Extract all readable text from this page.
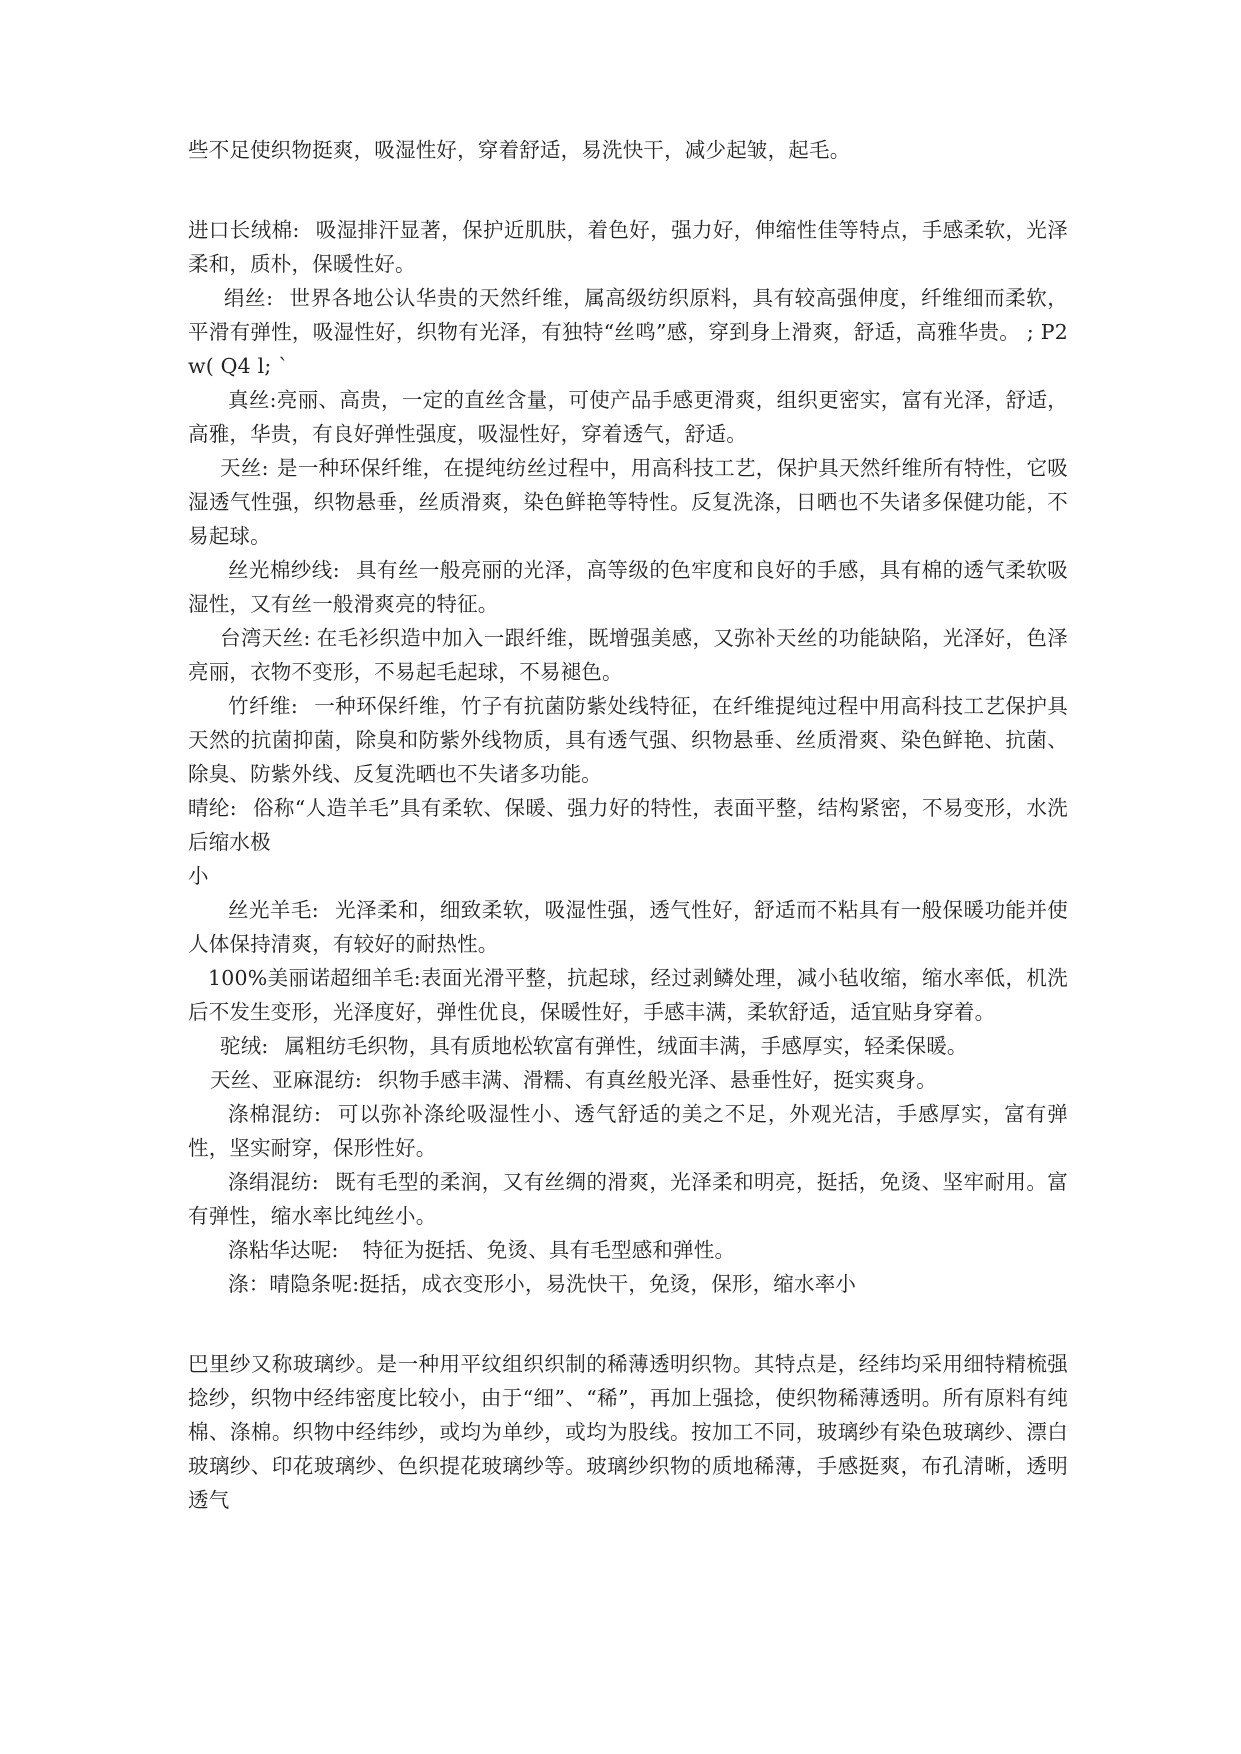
些不足使织物挺爽，吸湿性好，穿着舒适，易洗快干，减少起皱，起毛。

进口长绒棉: 吸湿排汗显著，保护近肌肤，着色好，强力好，伸缩性佳等特点，手感柔软，光泽柔和，质朴，保暖性好。

绢丝: 世界各地公认华贵的天然纤维，属高级纺织原料，具有较高强伸度，纤维细而柔软，平滑有弹性，吸湿性好，织物有光泽，有独特“丝鸣”感，穿到身上滑爽，舒适，高雅华贵。 ; P2 w( Q4 l; `

真丝:亮丽、高贵，一定的直丝含量，可使产品手感更滑爽，组织更密实，富有光泽，舒适，高雅，华贵，有良好弹性强度，吸湿性好，穿着透气，舒适。

天丝: 是一种环保纤维，在提纯纺丝过程中，用高科技工艺，保护具天然纤维所有特性，它吸湿透气性强，织物悬垂，丝质滑爽，染色鲜艳等特性。反复洗涤，日晒也不失诸多保健功能，不易起球。

丝光棉纱线: 具有丝一般亮丽的光泽，高等级的色牢度和良好的手感，具有棉的透气柔软吸湿性，又有丝一般滑爽亮的特征。

台湾天丝: 在毛衫织造中加入一跟纤维，既增强美感，又弥补天丝的功能缺陷，光泽好，色泽亮丽，衣物不变形，不易起毛起球，不易褪色。

竹纤维: 一种环保纤维，竹子有抗菌防紫处线特征，在纤维提纯过程中用高科技工艺保护具天然的抗菌抑菌，除臭和防紫外线物质，具有透气强、织物悬垂、丝质滑爽、染色鲜艳、抗菌、除臭、防紫外线、反复洗晒也不失诸多功能。

晴纶: 俗称“人造羊毛”具有柔软、保暖、强力好的特性，表面平整，结构紧密，不易变形，水洗后缩水极

小

丝光羊毛: 光泽柔和，细致柔软，吸湿性强，透气性好，舒适而不粘具有一般保暖功能并使人体保持清爽，有较好的耐热性。

100%美丽诺超细羊毛:表面光滑平整，抗起球，经过剥鳞处理，减小毡收缩，缩水率低，机洗后不发生变形，光泽度好，弹性优良，保暖性好，手感丰满，柔软舒适，适宜贴身穿着。

驼绒: 属粗纺毛织物，具有质地松软富有弹性，绒面丰满，手感厚实，轻柔保暖。

天丝、亚麻混纺: 织物手感丰满、滑糯、有真丝般光泽、悬垂性好，挺实爽身。

涤棉混纺: 可以弥补涤纶吸湿性小、透气舒适的美之不足，外观光洁，手感厚实，富有弹性，坚实耐穿，保形性好。

涤绢混纺: 既有毛型的柔润，又有丝绸的滑爽，光泽柔和明亮，挺括，免烫、坚牢耐用。富有弹性，缩水率比纯丝小。

涤粘华达呢: 特征为挺括、免烫、具有毛型感和弹性。

涤：晴隐条呢:挺括，成衣变形小，易洗快干，免烫，保形，缩水率小

巴里纱又称玻璃纱。是一种用平纹组织织制的稀薄透明织物。其特点是，经纬均采用细特精梳强捻纱，织物中经纬密度比较小，由于“细”、“稀”，再加上强捻，使织物稀薄透明。所有原料有纯棉、涤棉。织物中经纬纱，或均为单纱，或均为股线。按加工不同，玻璃纱有染色玻璃纱、漂白玻璃纱、印花玻璃纱、色织提花玻璃纱等。玻璃纱织物的质地稀薄，手感挺爽，布孔清晰，透明透气
